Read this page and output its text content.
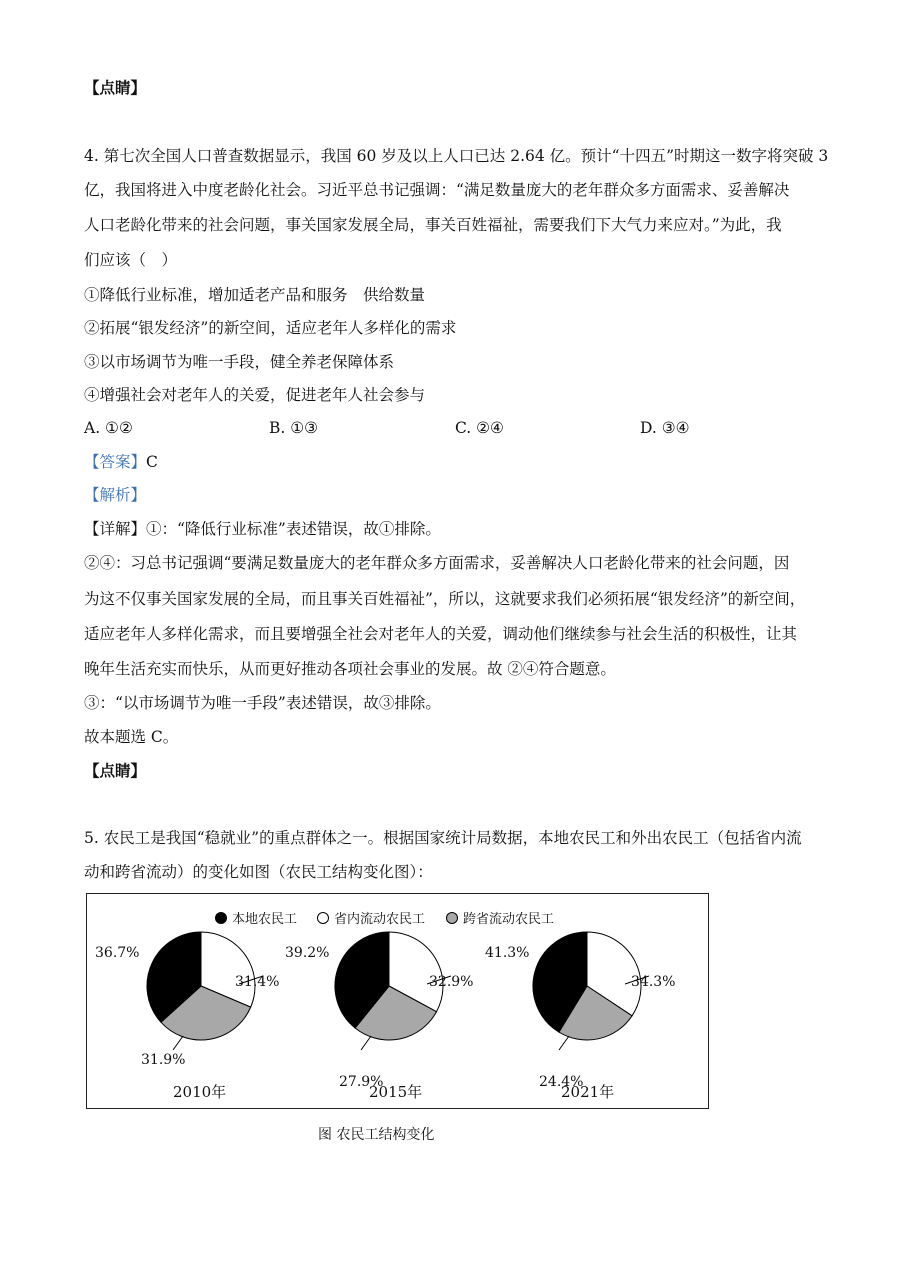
【点睛】
4. 第七次全国人口普查数据显示，我国 60 岁及以上人口已达 2.64 亿。预计“十四五”时期这一数字将突破 3
亿，我国将进入中度老龄化社会。习近平总书记强调：“满足数量庞大的老年群众多方面需求、妥善解决
人口老龄化带来的社会问题，事关国家发展全局，事关百姓福祉，需要我们下大气力来应对。”为此，我
们应该（　）
①降低行业标准，增加适老产品和服务　供给数量
②拓展“银发经济”的新空间，适应老年人多样化的需求
③以市场调节为唯一手段，健全养老保障体系
④增强社会对老年人的关爱，促进老年人社会参与
A. ①②	B. ①③	C. ②④	D. ③④
【答案】C
【解析】
【详解】①：“降低行业标准”表述错误，故①排除。
②④：习总书记强调“要满足数量庞大的老年群众多方面需求，妥善解决人口老龄化带来的社会问题，因
为这不仅事关国家发展的全局，而且事关百姓福祉”，所以，这就要求我们必须拓展“银发经济”的新空间，
适应老年人多样化需求，而且要增强全社会对老年人的关爱，调动他们继续参与社会生活的积极性，让其
晚年生活充实而快乐，从而更好推动各项社会事业的发展。故 ②④符合题意。
③：“以市场调节为唯一手段”表述错误，故③排除。
故本题选 C。
【点睛】
5. 农民工是我国“稳就业”的重点群体之一。根据国家统计局数据，本地农民工和外出农民工（包括省内流
动和跨省流动）的变化如图（农民工结构变化图）：
本地农民工	省内流动农民工	跨省流动农民工
36.7%
31.4%
31.9%
2010年
39.2%
32.9%
27.9%
2015年
41.3%
34.3%
24.4%
2021年
图 农民工结构变化
